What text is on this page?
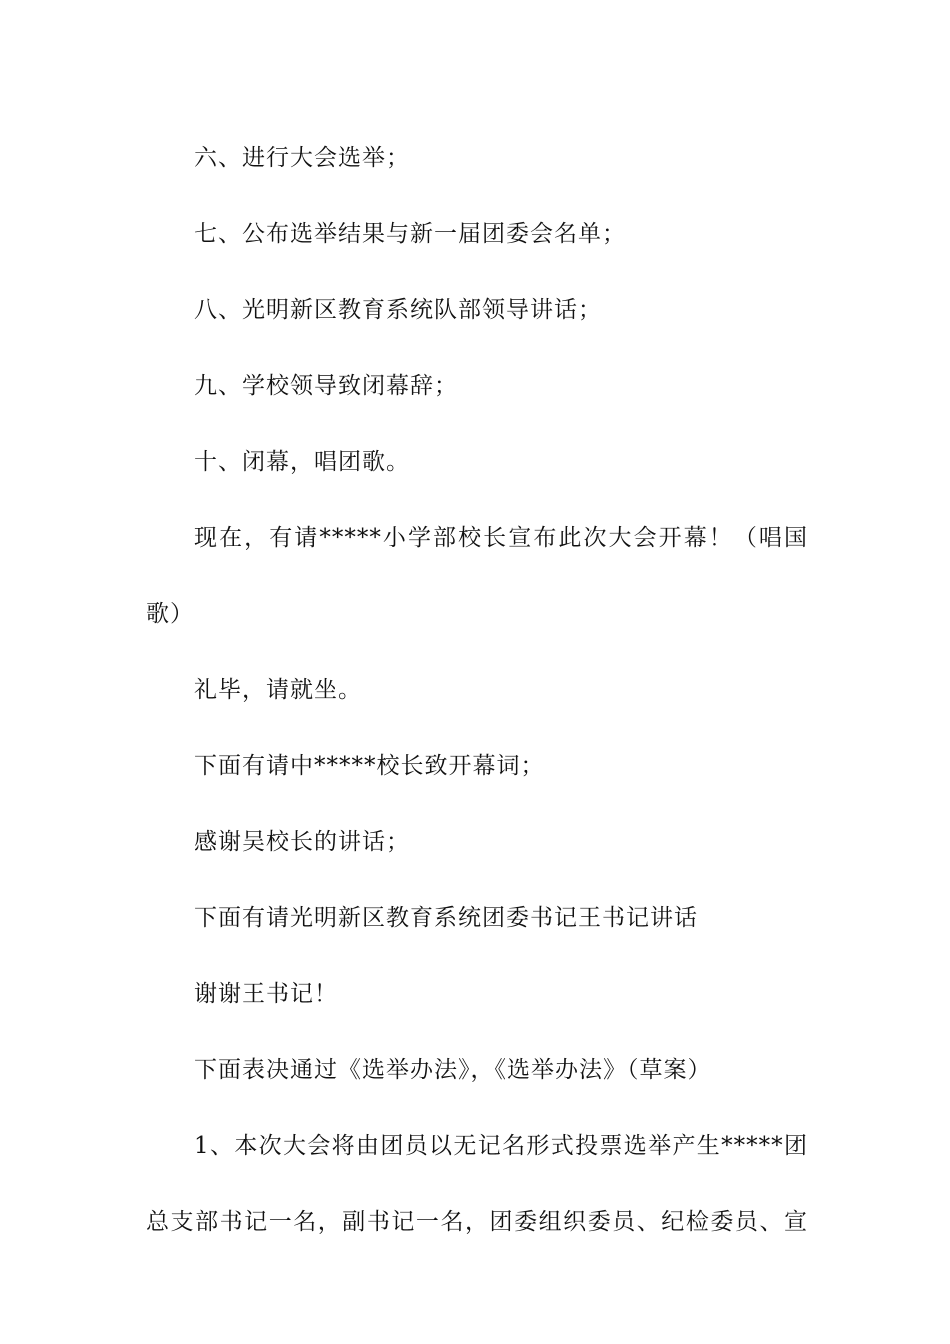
六、进行大会选举；
七、公布选举结果与新一届团委会名单；
八、光明新区教育系统队部领导讲话；
九、学校领导致闭幕辞；
十、闭幕，唱团歌。
现在，有请*****小学部校长宣布此次大会开幕！（唱国
歌）
礼毕，请就坐。
下面有请中*****校长致开幕词；
感谢吴校长的讲话；
下面有请光明新区教育系统团委书记王书记讲话
谢谢王书记！
下面表决通过《选举办法》，《选举办法》（草案）
1、本次大会将由团员以无记名形式投票选举产生*****团
总支部书记一名，副书记一名，团委组织委员、纪检委员、宣
